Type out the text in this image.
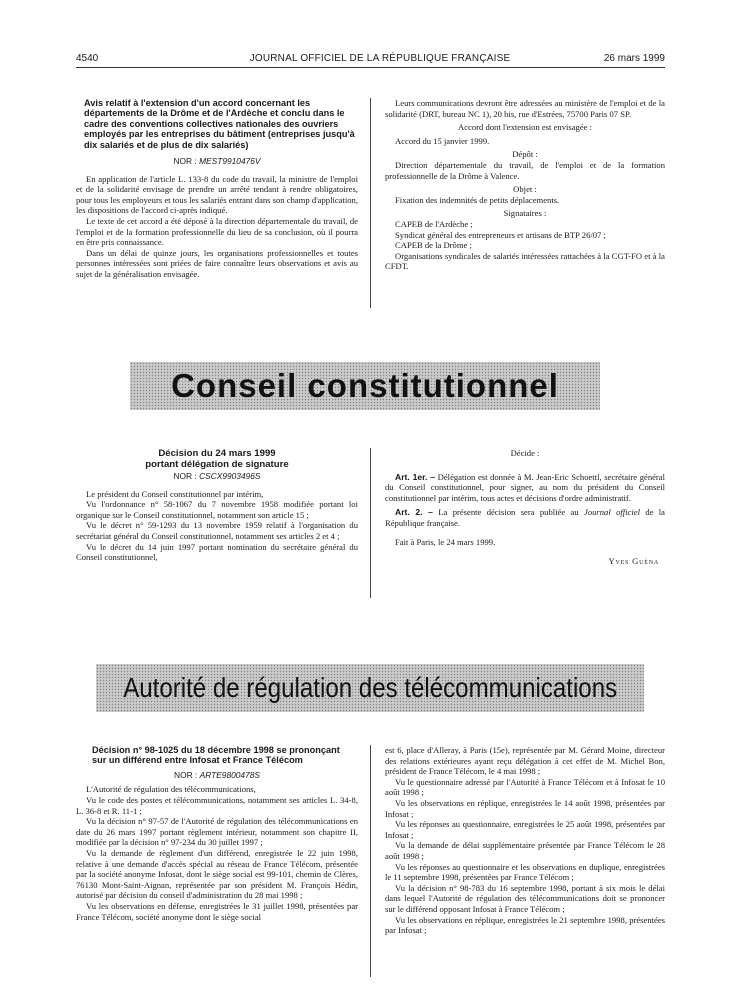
4540	JOURNAL OFFICIEL DE LA RÉPUBLIQUE FRANÇAISE	26 mars 1999
Avis relatif à l'extension d'un accord concernant les départements de la Drôme et de l'Ardèche et conclu dans le cadre des conventions collectives nationales des ouvriers employés par les entreprises du bâtiment (entreprises jusqu'à dix salariés et de plus de dix salariés)
NOR : MEST9910476V

En application de l'article L. 133-8 du code du travail, la ministre de l'emploi et de la solidarité envisage de prendre un arrêté tendant à rendre obligatoires, pour tous les employeurs et tous les salariés entrant dans son champ d'application, les dispositions de l'accord ci-après indiqué.

Le texte de cet accord a été déposé à la direction départementale du travail, de l'emploi et de la formation professionnelle du lieu de sa conclusion, où il pourra en être pris connaissance.

Dans un délai de quinze jours, les organisations professionnelles et toutes personnes intéressées sont priées de faire connaître leurs observations et avis au sujet de la généralisation envisagée.

Leurs communications devront être adressées au ministère de l'emploi et de la solidarité (DRT, bureau NC 1), 20 bis, rue d'Estrées, 75700 Paris 07 SP.

Accord dont l'extension est envisagée :

Accord du 15 janvier 1999.

Dépôt :

Direction départementale du travail, de l'emploi et de la formation professionnelle de la Drôme à Valence.

Objet :

Fixation des indemnités de petits déplacements.

Signataires :

CAPEB de l'Ardèche ;

Syndicat général des entrepreneurs et artisans de BTP 26/07 ;

CAPEB de la Drôme ;

Organisations syndicales de salariés intéressées rattachées à la CGT-FO et à la CFDT.

Conseil constitutionnel
Décision du 24 mars 1999
portant délégation de signature
NOR : CSCX9903496S

Le président du Conseil constitutionnel par intérim,

Vu l'ordonnance n° 58-1067 du 7 novembre 1958 modifiée portant loi organique sur le Conseil constitutionnel, notamment son article 15 ;

Vu le décret n° 59-1293 du 13 novembre 1959 relatif à l'organisation du secrétariat général du Conseil constitutionnel, notamment ses articles 2 et 4 ;

Vu le décret du 14 juin 1997 portant nomination du secrétaire général du Conseil constitutionnel,

Décide :

Art. 1er. – Délégation est donnée à M. Jean-Eric Schoettl, secrétaire général du Conseil constitutionnel, pour signer, au nom du président du Conseil constitutionnel par intérim, tous actes et décisions d'ordre administratif.

Art. 2. – La présente décision sera publiée au Journal officiel de la République française.

Fait à Paris, le 24 mars 1999.

Yves Guéna

Autorité de régulation des télécommunications
Décision n° 98-1025 du 18 décembre 1998 se prononçant sur un différend entre Infosat et France Télécom
NOR : ARTE9800478S

L'Autorité de régulation des télécommunications,

Vu le code des postes et télécommunications, notamment ses articles L. 34-8, L. 36-8 et R. 11-1 ;

Vu la décision n° 97-57 de l'Autorité de régulation des télécommunications en date du 26 mars 1997 portant règlement intérieur, notamment son chapitre II, modifiée par la décision n° 97-234 du 30 juillet 1997 ;

Vu la demande de règlement d'un différend, enregistrée le 22 juin 1998, relative à une demande d'accès spécial au réseau de France Télécom, présentée par la société anonyme Infosat, dont le siège social est 99-101, chemin de Clères, 76130 Mont-Saint-Aignan, représentée par son président M. François Hédin, autorisé par décision du conseil d'administration du 28 mai 1998 ;

Vu les observations en défense, enregistrées le 31 juillet 1998, présentées par France Télécom, société anonyme dont le siège social

est 6, place d'Alleray, à Paris (15e), représentée par M. Gérard Moine, directeur des relations extérieures ayant reçu délégation à cet effet de M. Michel Bon, président de France Télécom, le 4 mai 1998 ;

Vu le questionnaire adressé par l'Autorité à France Télécom et à Infosat le 10 août 1998 ;

Vu les observations en réplique, enregistrées le 14 août 1998, présentées par Infosat ;

Vu les réponses au questionnaire, enregistrées le 25 août 1998, présentées par Infosat ;

Vu la demande de délai supplémentaire présentée par France Télécom le 28 août 1998 ;

Vu les réponses au questionnaire et les observations en duplique, enregistrées le 11 septembre 1998, présentées par France Télécom ;

Vu la décision n° 98-783 du 16 septembre 1998, portant à six mois le délai dans lequel l'Autorité de régulation des télécommunications doit se prononcer sur le différend opposant Infosat à France Télécom ;

Vu les observations en réplique, enregistrées le 21 septembre 1998, présentées par Infosat ;
